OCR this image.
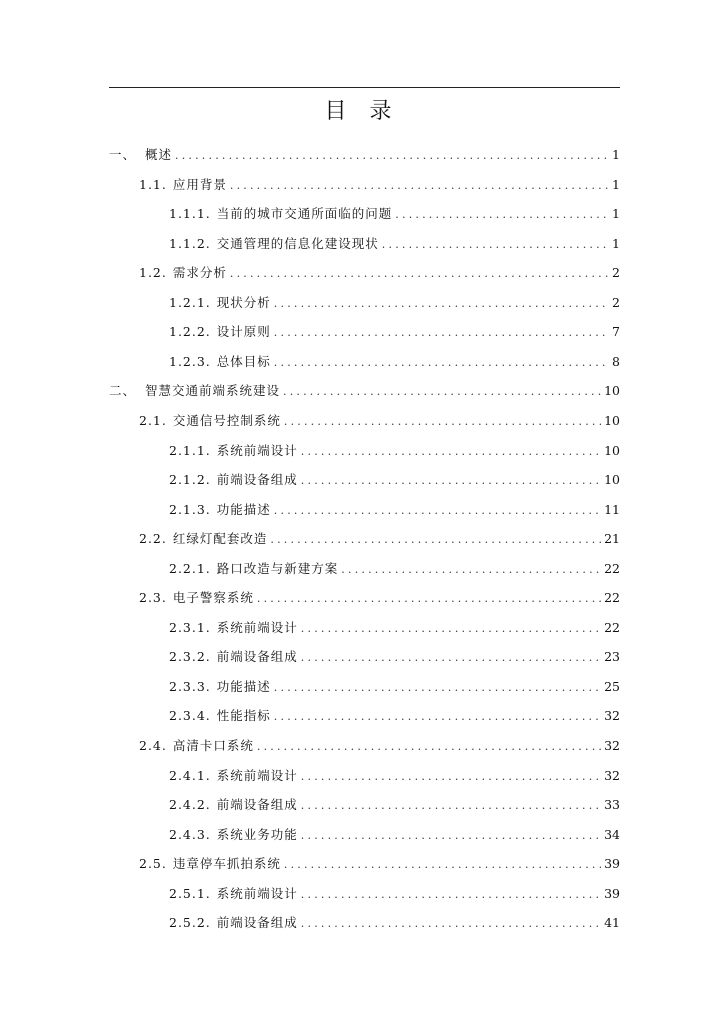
目 录
一、 概述 .....	1
1.1. 应用背景 .....	1
1.1.1. 当前的城市交通所面临的问题 .....	1
1.1.2. 交通管理的信息化建设现状 .....	1
1.2. 需求分析 .....	2
1.2.1. 现状分析 .....	2
1.2.2. 设计原则 .....	7
1.2.3. 总体目标 .....	8
二、 智慧交通前端系统建设 .....	10
2.1. 交通信号控制系统 .....	10
2.1.1. 系统前端设计 .....	10
2.1.2. 前端设备组成 .....	10
2.1.3. 功能描述 .....	11
2.2. 红绿灯配套改造 .....	21
2.2.1. 路口改造与新建方案 .....	22
2.3. 电子警察系统 .....	22
2.3.1. 系统前端设计 .....	22
2.3.2. 前端设备组成 .....	23
2.3.3. 功能描述 .....	25
2.3.4. 性能指标 .....	32
2.4. 高清卡口系统 .....	32
2.4.1. 系统前端设计 .....	32
2.4.2. 前端设备组成 .....	33
2.4.3. 系统业务功能 .....	34
2.5. 违章停车抓拍系统 .....	39
2.5.1. 系统前端设计 .....	39
2.5.2. 前端设备组成 .....	41
